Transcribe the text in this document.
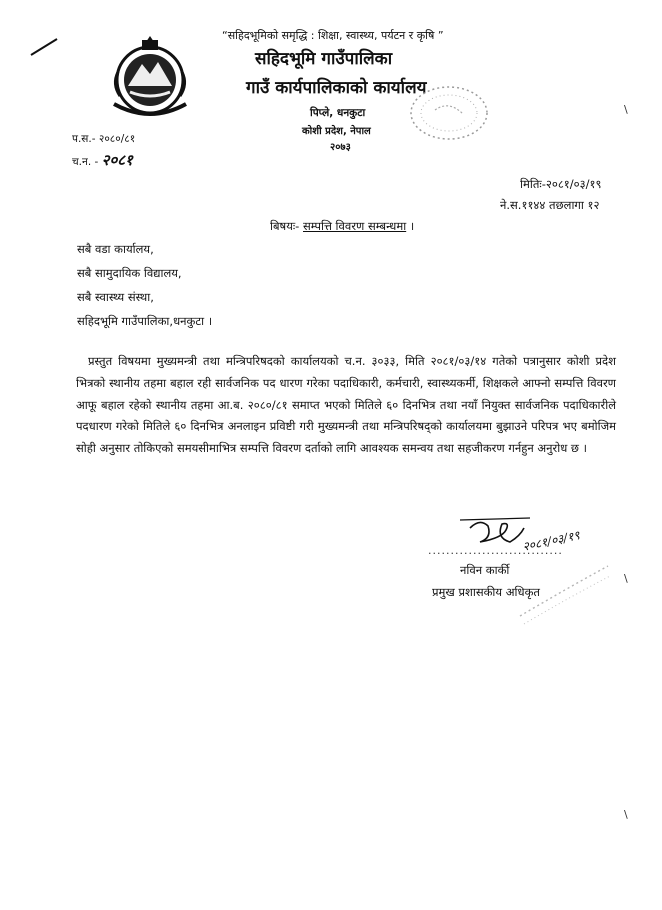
“सहिदभूमिको समृद्धि : शिक्षा, स्वास्थ्य, पर्यटन र कृषि ”
सहिदभूमि गाउँपालिका
गाउँ कार्यपालिकाको कार्यालय
पिप्ले, धनकुटा
कोशी प्रदेश, नेपाल
२०७३
प.स.- २०८०/८१
च.न. - २०८१
मितिः-२०८१/०३/१९
ने.स.११४४ तछलागा १२
बिषयः- सम्पत्ति विवरण सम्बन्धमा ।
सबै वडा कार्यालय,
सबै सामुदायिक विद्यालय,
सबै स्वास्थ्य संस्था,
सहिदभूमि गाउँपालिका,धनकुटा ।
प्रस्तुत विषयमा मुख्यमन्त्री तथा मन्त्रिपरिषदको कार्यालयको च.न. ३०३३, मिति २०८१/०३/१४ गतेको पत्रानुसार कोशी प्रदेश भित्रको स्थानीय तहमा बहाल रही सार्वजनिक पद धारण गरेका पदाधिकारी, कर्मचारी, स्वास्थ्यकर्मी, शिक्षकले आफ्नो सम्पत्ति विवरण आफू बहाल रहेको स्थानीय तहमा आ.ब. २०८०/८१ समाप्त भएको मितिले ६० दिनभित्र तथा नयाँ नियुक्त सार्वजनिक पदाधिकारीले पदधारण गरेको मितिले ६० दिनभित्र अनलाइन प्रविष्टी गरी मुख्यमन्त्री तथा मन्त्रिपरिषद्को कार्यालयमा बुझाउने परिपत्र भए बमोजिम सोही अनुसार तोकिएको समयसीमाभित्र सम्पत्ति विवरण दर्ताको लागि आवश्यक समन्वय तथा सहजीकरण गर्नहुन अनुरोध छ ।
२०८१/०३/१९
..............................
नविन कार्की
प्रमुख प्रशासकीय अधिकृत
\
\
\
